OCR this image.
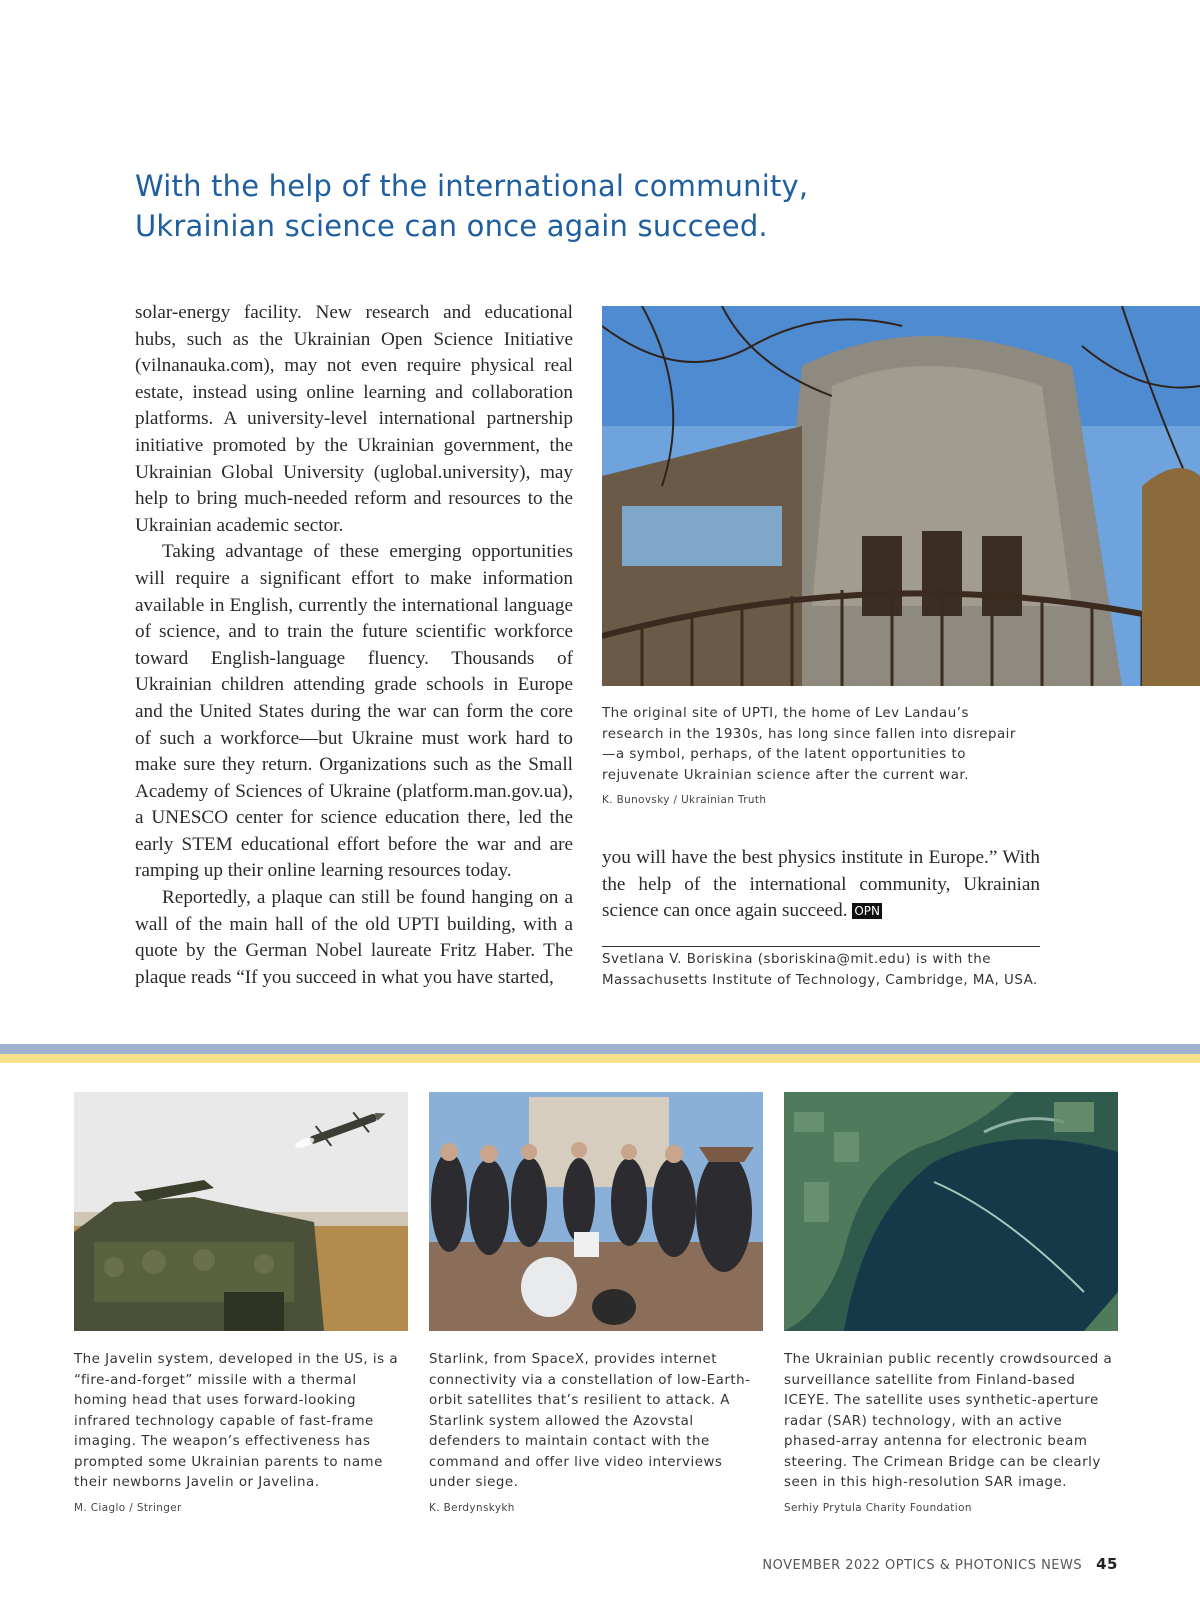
With the help of the international community, Ukrainian science can once again succeed.

solar-energy facility. New research and educational hubs, such as the Ukrainian Open Science Initiative (vilnanauka.com), may not even require physical real estate, instead using online learning and collaboration platforms. A university-level international partnership initiative promoted by the Ukrainian government, the Ukrainian Global University (uglobal.university), may help to bring much-needed reform and resources to the Ukrainian academic sector.

Taking advantage of these emerging opportunities will require a significant effort to make information available in English, currently the international language of science, and to train the future scientific workforce toward English-language fluency. Thousands of Ukrainian children attending grade schools in Europe and the United States during the war can form the core of such a workforce—but Ukraine must work hard to make sure they return. Organizations such as the Small Academy of Sciences of Ukraine (platform.man.gov.ua), a UNESCO center for science education there, led the early STEM educational effort before the war and are ramping up their online learning resources today.

Reportedly, a plaque can still be found hanging on a wall of the main hall of the old UPTI building, with a quote by the German Nobel laureate Fritz Haber. The plaque reads “If you succeed in what you have started,

The original site of UPTI, the home of Lev Landau’s research in the 1930s, has long since fallen into disrepair—a symbol, perhaps, of the latent opportunities to rejuvenate Ukrainian science after the current war.
K. Bunovsky / Ukrainian Truth
you will have the best physics institute in Europe.” With the help of the international community, Ukrainian science can once again succeed. OPN
Svetlana V. Boriskina (sboriskina@mit.edu) is with the Massachusetts Institute of Technology, Cambridge, MA, USA.
The Javelin system, developed in the US, is a “fire-and-forget” missile with a thermal homing head that uses forward-looking infrared technology capable of fast-frame imaging. The weapon’s effectiveness has prompted some Ukrainian parents to name their newborns Javelin or Javelina.
M. Ciaglo / Stringer
Starlink, from SpaceX, provides internet connectivity via a constellation of low-Earth-orbit satellites that’s resilient to attack. A Starlink system allowed the Azovstal defenders to maintain contact with the command and offer live video interviews under siege.
K. Berdynskykh
The Ukrainian public recently crowdsourced a surveillance satellite from Finland-based ICEYE. The satellite uses synthetic-aperture radar (SAR) technology, with an active phased-array antenna for electronic beam steering. The Crimean Bridge can be clearly seen in this high-resolution SAR image.
Serhiy Prytula Charity Foundation
NOVEMBER 2022 OPTICS & PHOTONICS NEWS 45
